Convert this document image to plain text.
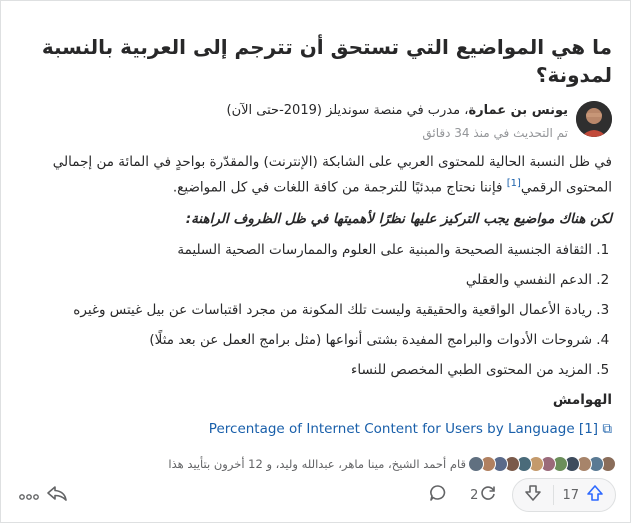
ما هي المواضيع التي تستحق أن تترجم إلى العربية بالنسبة لمدونة؟
يونس بن عمارة، مدرب في منصة سونديلز (2019-حتى الآن)
تم التحديث في منذ 34 دقائق

في ظل النسبة الحالية للمحتوى العربي على الشابكة (الإنترنت) والمقدّرة بواحدٍ في المائة من إجمالي المحتوى الرقمي[1] فإننا نحتاج مبدئيًا للترجمة من كافة اللغات في كل المواضيع.

لكن هناك مواضيع يجب التركيز عليها نظرًا لأهميتها في ظل الظروف الراهنة:

1. الثقافة الجنسية الصحيحة والمبنية على العلوم والممارسات الصحية السليمة
2. الدعم النفسي والعقلي
3. ريادة الأعمال الواقعية والحقيقية وليست تلك المكونة من مجرد اقتباسات عن بيل غيتس وغيره
4. شروحات الأدوات والبرامج المفيدة بشتى أنواعها (مثل برامج العمل عن بعد مثلًا)
5. المزيد من المحتوى الطبي المخصص للنساء
الهوامش
Percentage of Internet Content for Users by Language [1] ⧉
قام أحمد الشيخ، مينا ماهر، عبدالله وليد، و 12 أخرون بتأييد هذا
17
2
